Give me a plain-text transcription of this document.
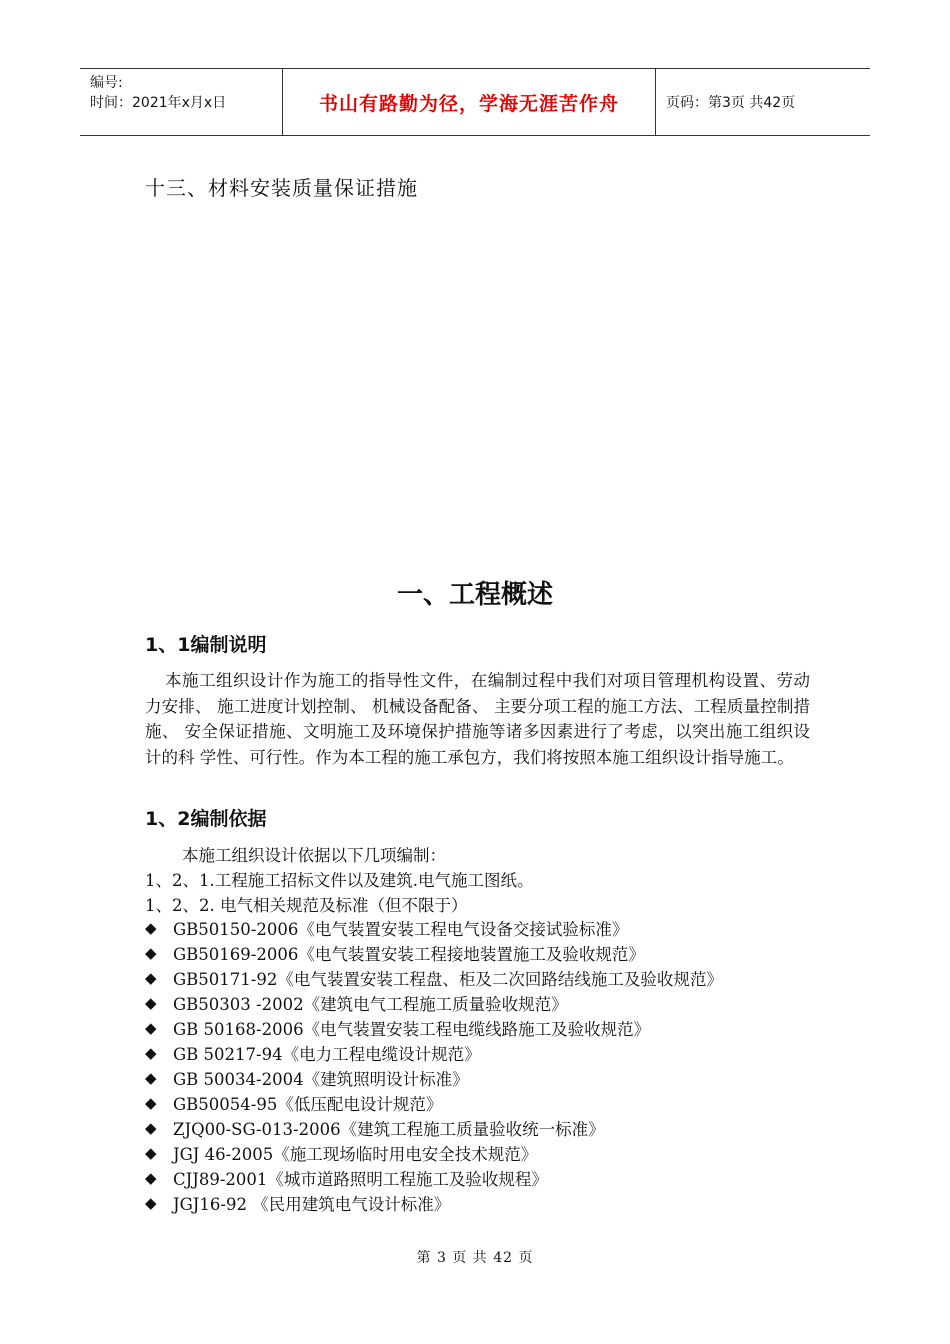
编号:
时间：2021年x月x日	书山有路勤为径，学海无涯苦作舟	页码：第3页 共42页
十三、材料安装质量保证措施
一、工程概述
1、1编制说明
本施工组织设计作为施工的指导性文件，在编制过程中我们对项目管理机构设置、劳动 力安排、 施工进度计划控制、 机械设备配备、 主要分项工程的施工方法、工程质量控制措施、 安全保证措施、文明施工及环境保护措施等诸多因素进行了考虑，以突出施工组织设计的科 学性、可行性。作为本工程的施工承包方，我们将按照本施工组织设计指导施工。
1、2编制依据
本施工组织设计依据以下几项编制：
1、2、1.工程施工招标文件以及建筑.电气施工图纸。
1、2、2. 电气相关规范及标准（但不限于）
◆ GB50150-2006《电气装置安装工程电气设备交接试验标准》
◆ GB50169-2006《电气装置安装工程接地装置施工及验收规范》
◆ GB50171-92《电气装置安装工程盘、柜及二次回路结线施工及验收规范》
◆ GB50303 -2002《建筑电气工程施工质量验收规范》
◆ GB 50168-2006《电气装置安装工程电缆线路施工及验收规范》
◆ GB 50217-94《电力工程电缆设计规范》
◆ GB 50034-2004《建筑照明设计标准》
◆ GB50054-95《低压配电设计规范》
◆ ZJQ00-SG-013-2006《建筑工程施工质量验收统一标准》
◆ JGJ 46-2005《施工现场临时用电安全技术规范》
◆ CJJ89-2001《城市道路照明工程施工及验收规程》
◆ JGJ16-92 《民用建筑电气设计标准》
第 3 页 共 42 页
